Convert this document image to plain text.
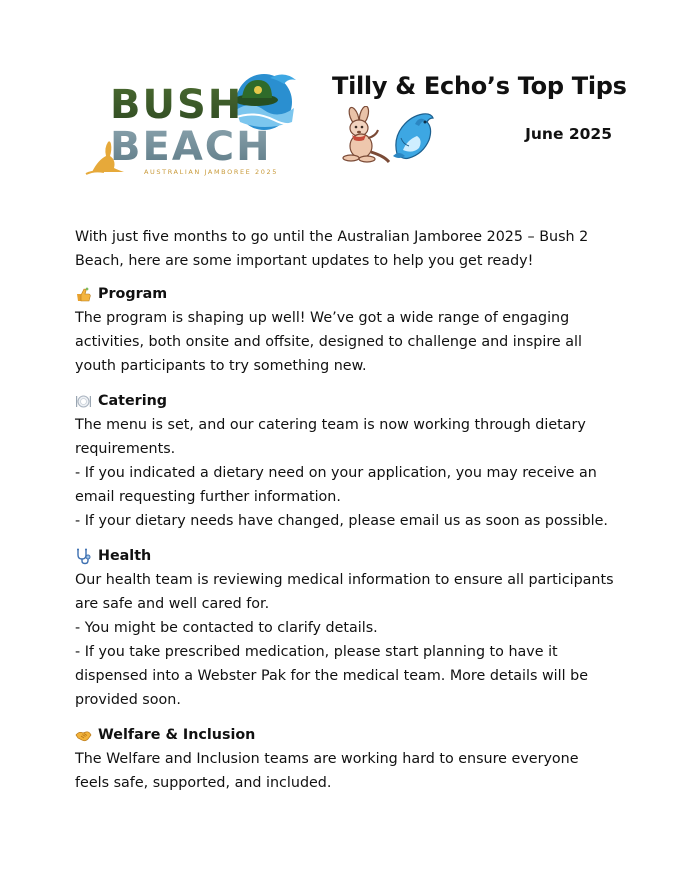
BUSH
BEACH
AUSTRALIAN JAMBOREE 2025
Tilly & Echo’s Top Tips
June 2025

With just five months to go until the Australian Jamboree 2025 – Bush 2 Beach, here are some important updates to help you get ready!

Program

The program is shaping up well! We’ve got a wide range of engaging activities, both onsite and offsite, designed to challenge and inspire all youth participants to try something new.

Catering

The menu is set, and our catering team is now working through dietary requirements.

- If you indicated a dietary need on your application, you may receive an email requesting further information.

- If your dietary needs have changed, please email us as soon as possible.

Health

Our health team is reviewing medical information to ensure all participants are safe and well cared for.

- You might be contacted to clarify details.

- If you take prescribed medication, please start planning to have it dispensed into a Webster Pak for the medical team. More details will be provided soon.

Welfare & Inclusion

The Welfare and Inclusion teams are working hard to ensure everyone feels safe, supported, and included.
